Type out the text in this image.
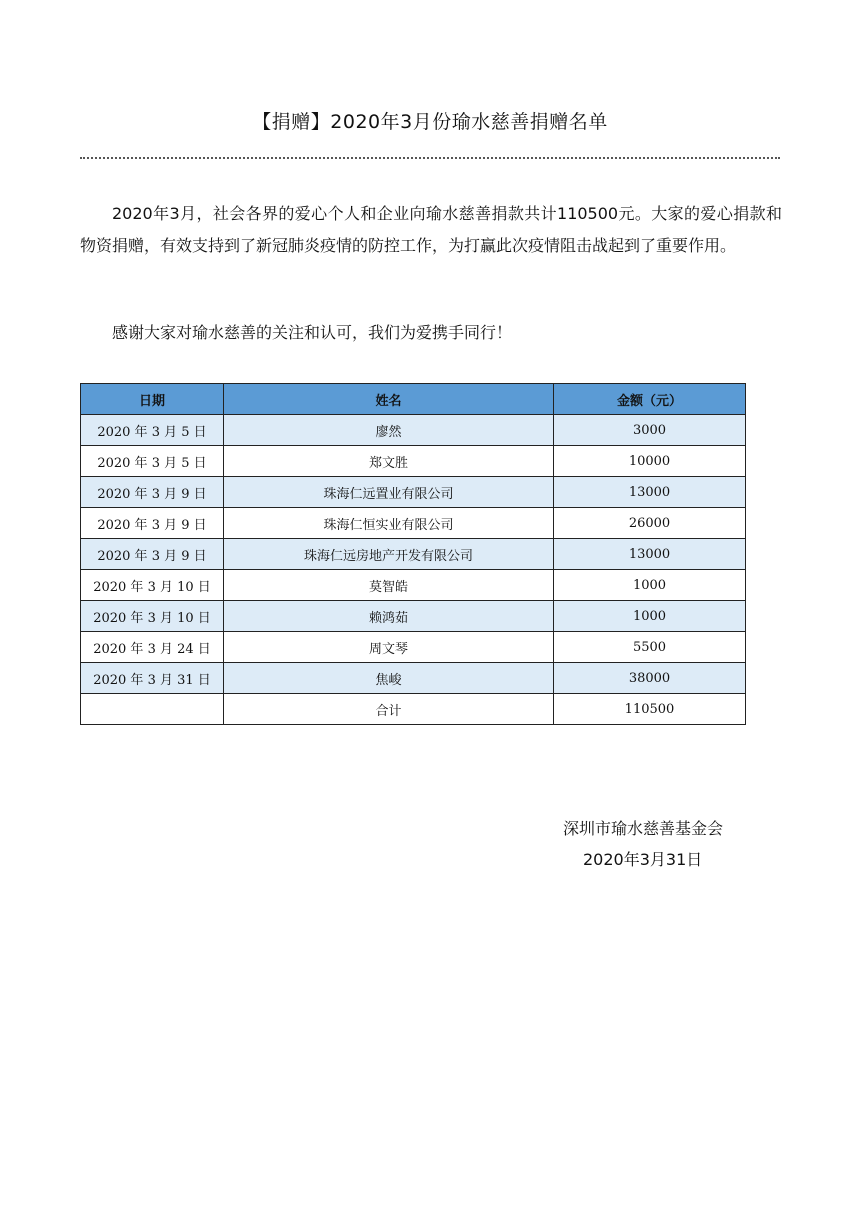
【捐赠】2020年3月份瑜水慈善捐赠名单

2020年3月，社会各界的爱心个人和企业向瑜水慈善捐款共计110500元。大家的爱心捐款和物资捐赠，有效支持到了新冠肺炎疫情的防控工作，为打赢此次疫情阻击战起到了重要作用。

感谢大家对瑜水慈善的关注和认可，我们为爱携手同行！

日期	姓名	金额（元）
2020 年 3 月 5 日	廖然	3000
2020 年 3 月 5 日	郑文胜	10000
2020 年 3 月 9 日	珠海仁远置业有限公司	13000
2020 年 3 月 9 日	珠海仁恒实业有限公司	26000
2020 年 3 月 9 日	珠海仁远房地产开发有限公司	13000
2020 年 3 月 10 日	莫智皓	1000
2020 年 3 月 10 日	赖鸿茹	1000
2020 年 3 月 24 日	周文琴	5500
2020 年 3 月 31 日	焦峻	38000
	合计	110500
深圳市瑜水慈善基金会
2020年3月31日
